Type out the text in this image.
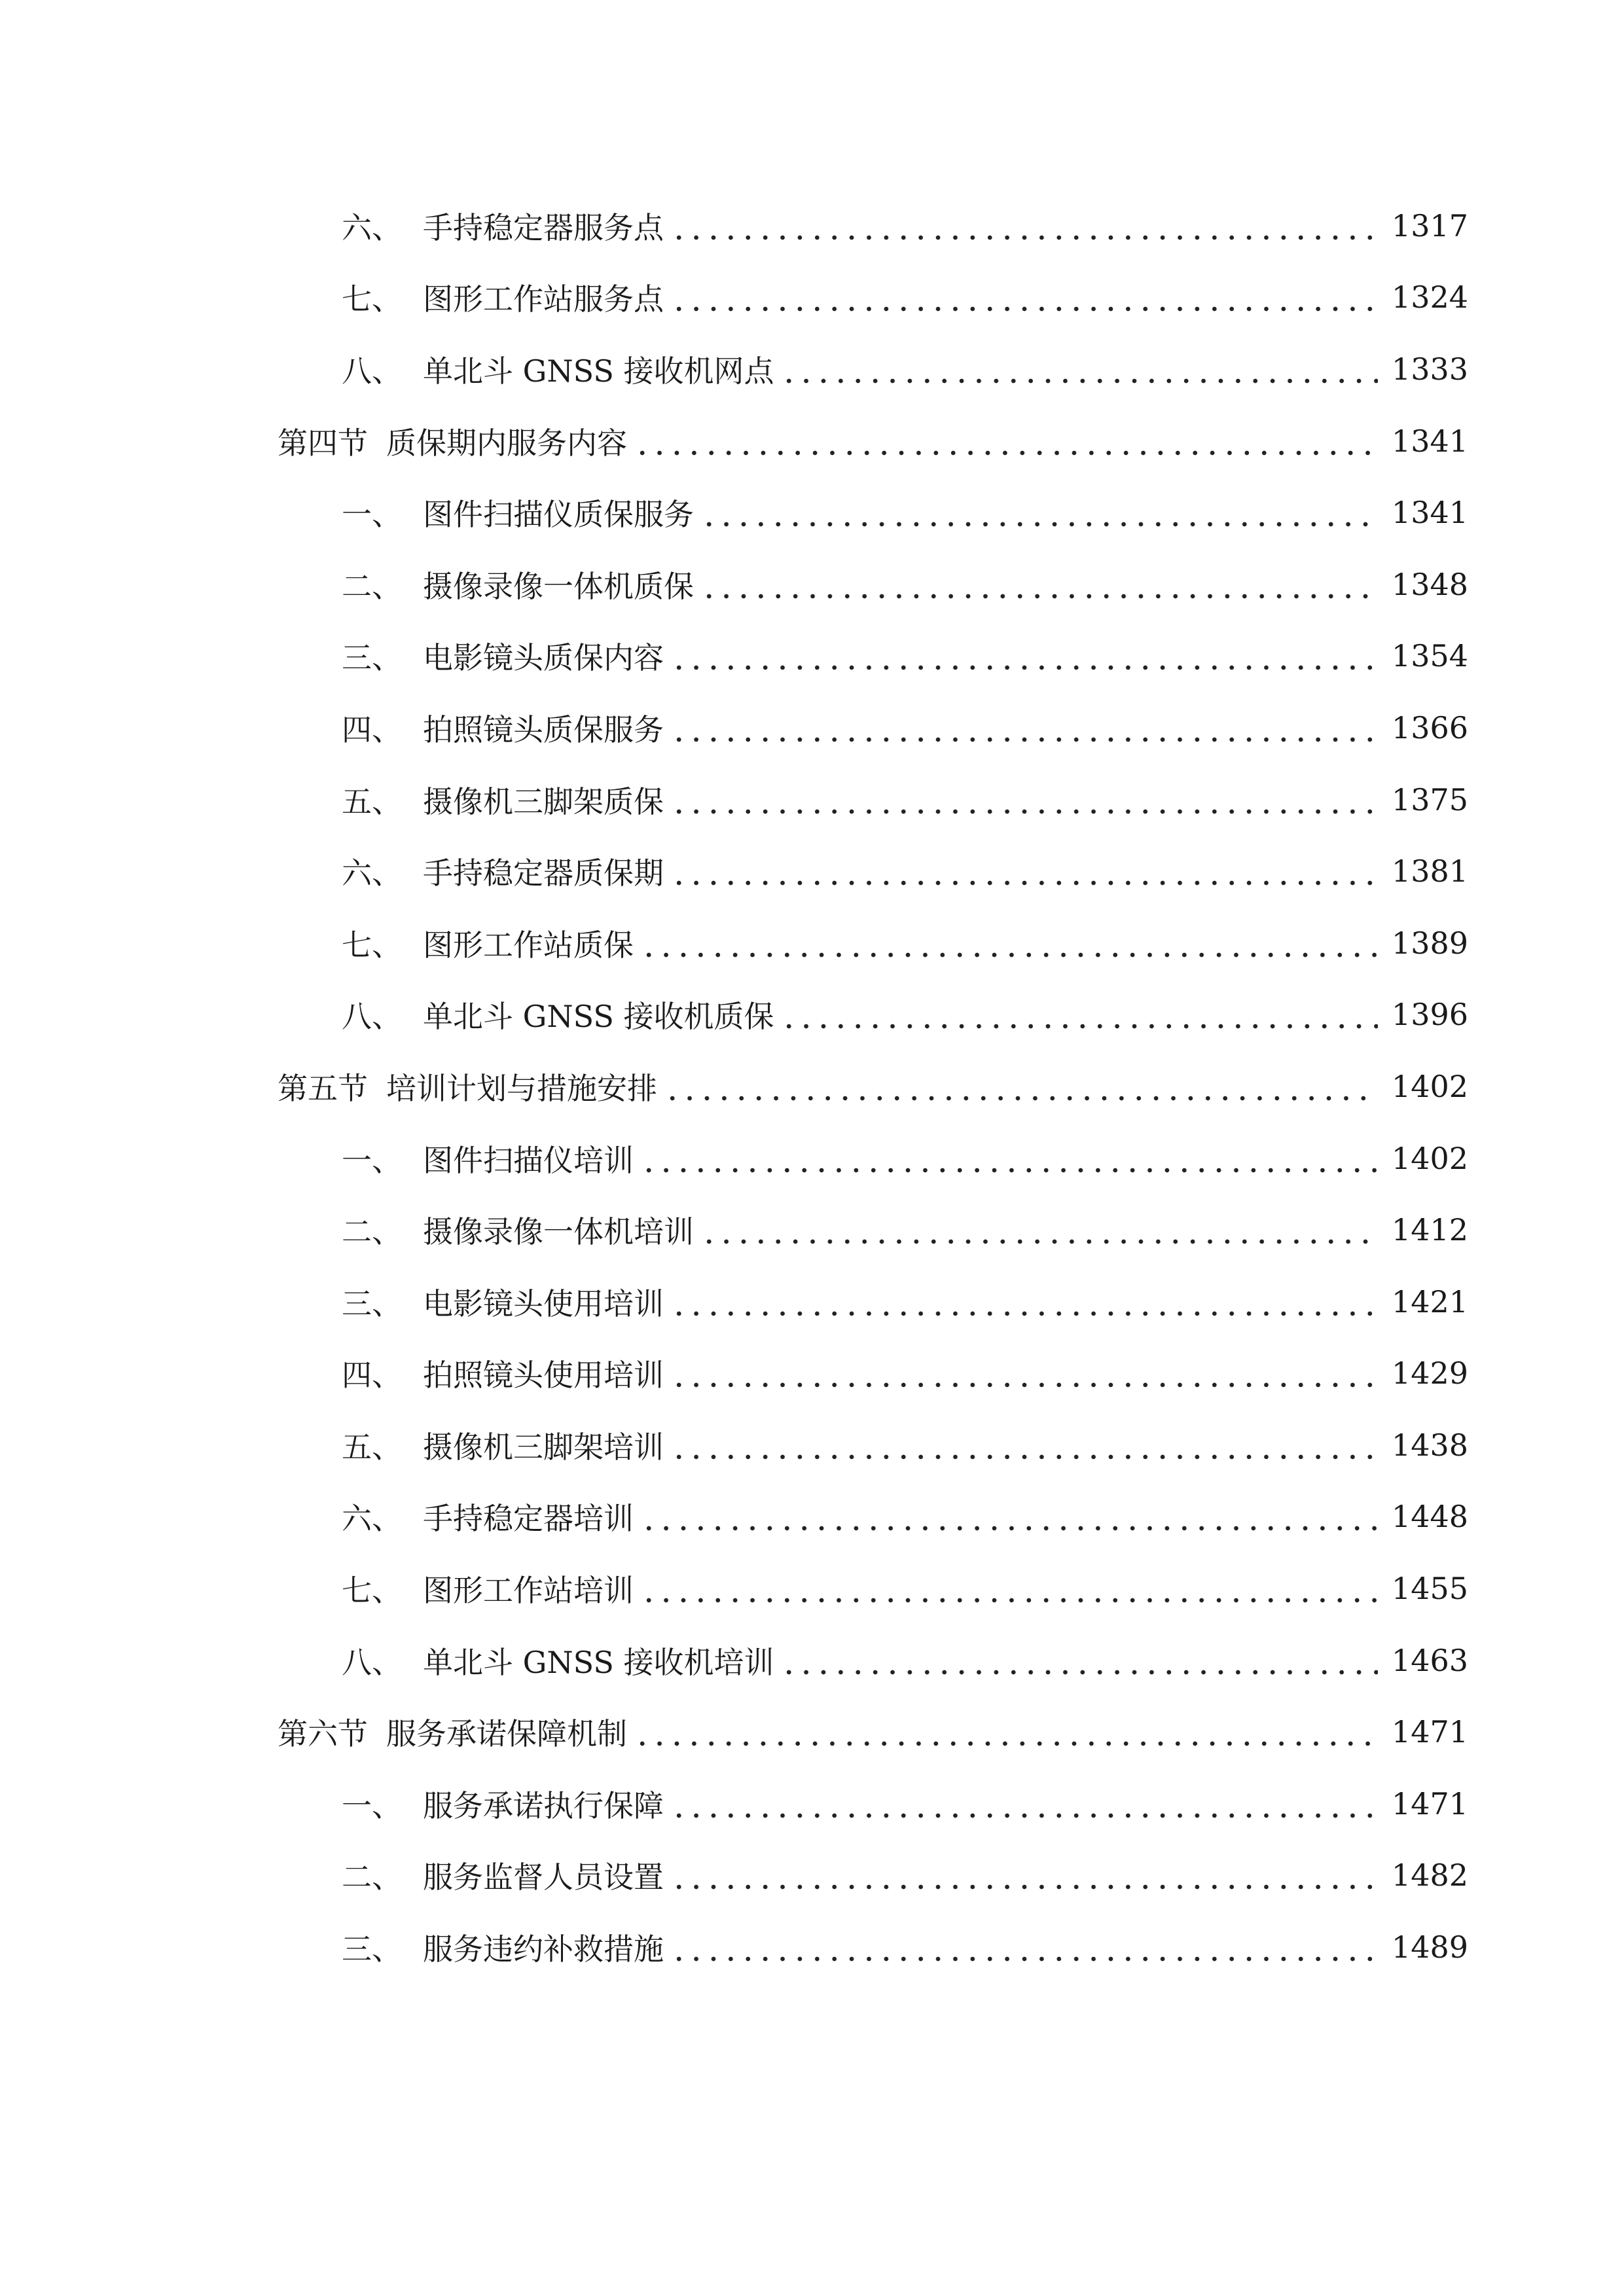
六、 手持稳定器服务点	1317
七、 图形工作站服务点	1324
八、 单北斗 GNSS 接收机网点	1333
第四节 质保期内服务内容	1341
一、 图件扫描仪质保服务	1341
二、 摄像录像一体机质保	1348
三、 电影镜头质保内容	1354
四、 拍照镜头质保服务	1366
五、 摄像机三脚架质保	1375
六、 手持稳定器质保期	1381
七、 图形工作站质保	1389
八、 单北斗 GNSS 接收机质保	1396
第五节 培训计划与措施安排	1402
一、 图件扫描仪培训	1402
二、 摄像录像一体机培训	1412
三、 电影镜头使用培训	1421
四、 拍照镜头使用培训	1429
五、 摄像机三脚架培训	1438
六、 手持稳定器培训	1448
七、 图形工作站培训	1455
八、 单北斗 GNSS 接收机培训	1463
第六节 服务承诺保障机制	1471
一、 服务承诺执行保障	1471
二、 服务监督人员设置	1482
三、 服务违约补救措施	1489
